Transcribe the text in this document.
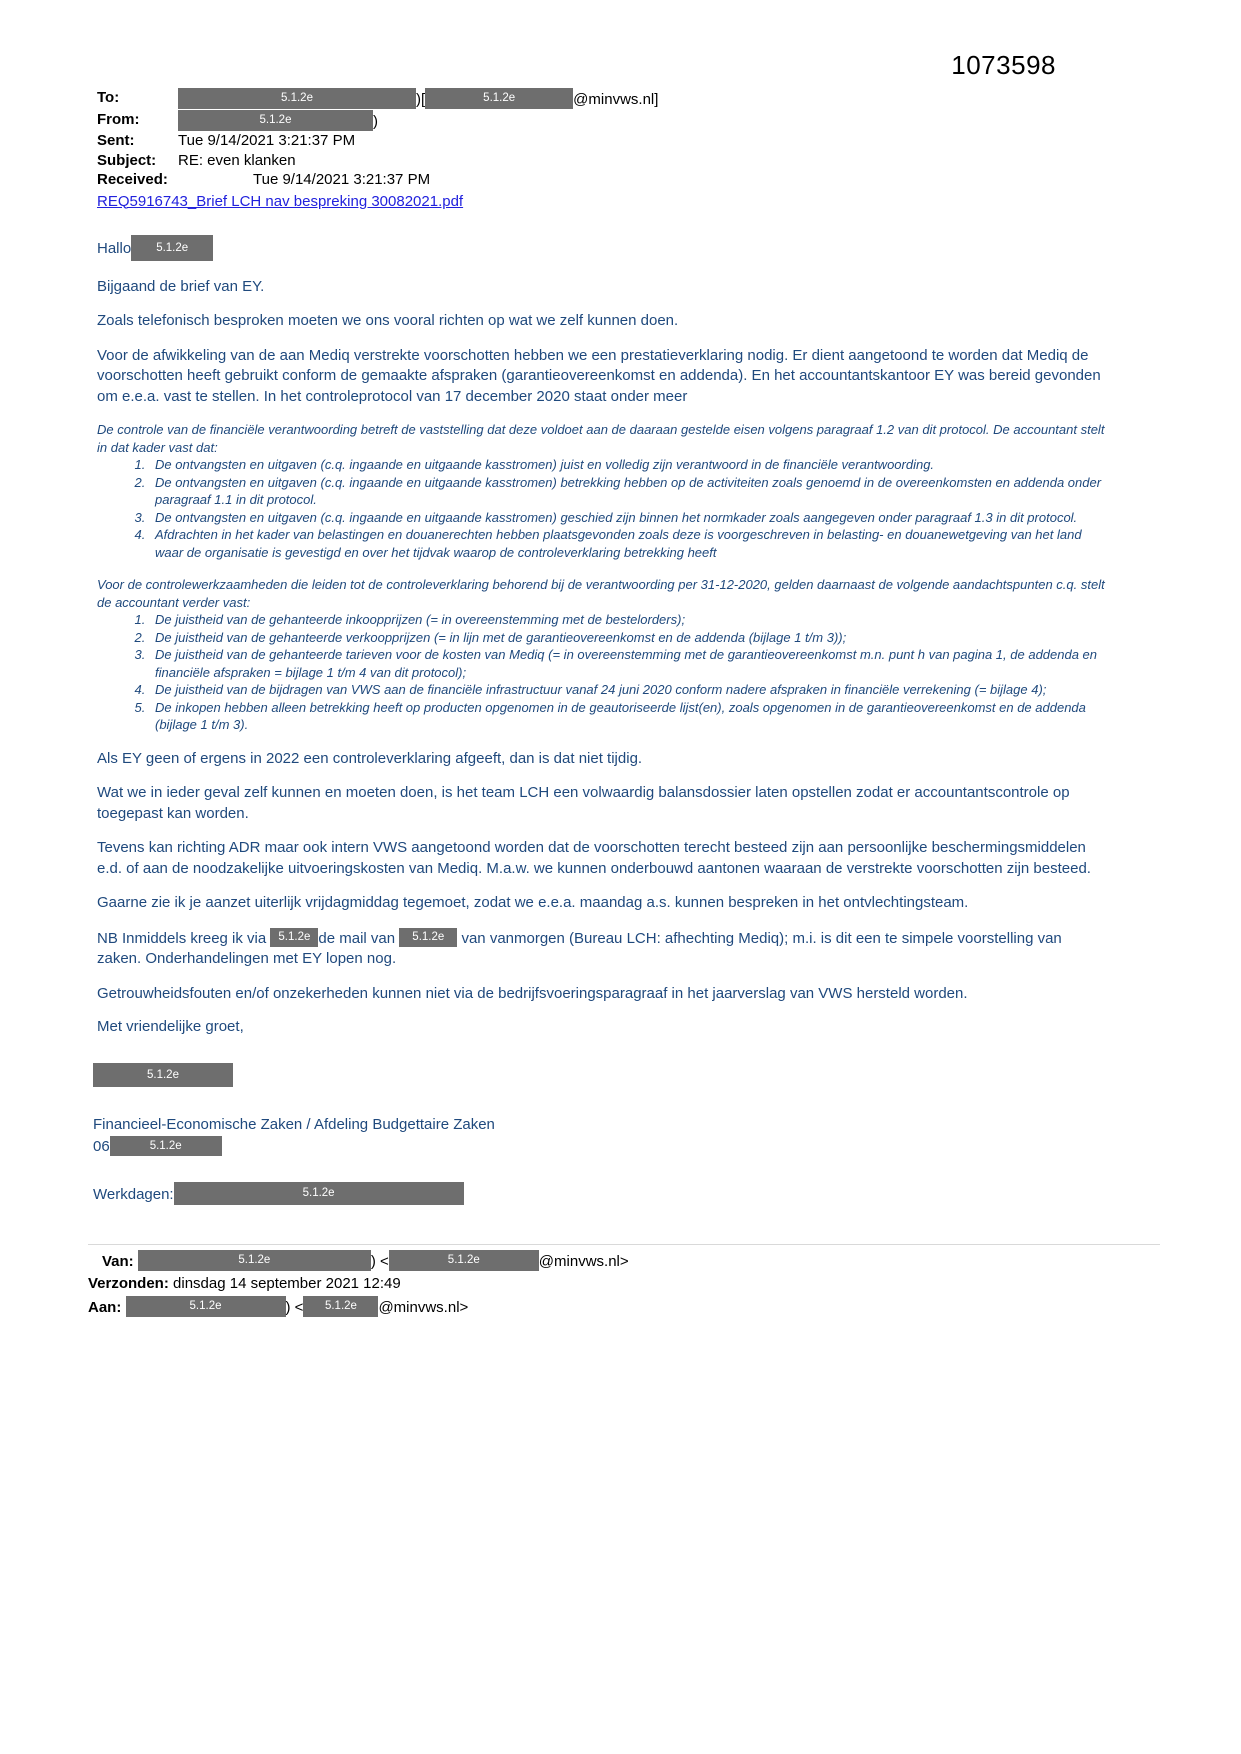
1073598
To:	5.1.2e	)[	5.1.2e	@minvws.nl]
From:	5.1.2e	)
Sent:	Tue 9/14/2021 3:21:37 PM
Subject:	RE: even klanken
Received:	Tue 9/14/2021 3:21:37 PM
REQ5916743_Brief LCH nav bespreking 30082021.pdf

Hallo 5.1.2e

Bijgaand de brief van EY.

Zoals telefonisch besproken moeten we ons vooral richten op wat we zelf kunnen doen.

Voor de afwikkeling van de aan Mediq verstrekte voorschotten hebben we een prestatieverklaring nodig. Er dient aangetoond te worden dat Mediq de voorschotten heeft gebruikt conform de gemaakte afspraken (garantieovereenkomst en addenda). En het accountantskantoor EY was bereid gevonden om e.e.a. vast te stellen. In het controleprotocol van 17 december 2020 staat onder meer

De controle van de financiële verantwoording betreft de vaststelling dat deze voldoet aan de daaraan gestelde eisen volgens paragraaf 1.2 van dit protocol. De accountant stelt in dat kader vast dat:

1. De ontvangsten en uitgaven (c.q. ingaande en uitgaande kasstromen) juist en volledig zijn verantwoord in de financiële verantwoording.
2. De ontvangsten en uitgaven (c.q. ingaande en uitgaande kasstromen) betrekking hebben op de activiteiten zoals genoemd in de overeenkomsten en addenda onder paragraaf 1.1 in dit protocol.
3. De ontvangsten en uitgaven (c.q. ingaande en uitgaande kasstromen) geschied zijn binnen het normkader zoals aangegeven onder paragraaf 1.3 in dit protocol.
4. Afdrachten in het kader van belastingen en douanerechten hebben plaatsgevonden zoals deze is voorgeschreven in belasting- en douanewetgeving van het land waar de organisatie is gevestigd en over het tijdvak waarop de controleverklaring betrekking heeft

Voor de controlewerkzaamheden die leiden tot de controleverklaring behorend bij de verantwoording per 31-12-2020, gelden daarnaast de volgende aandachtspunten c.q. stelt de accountant verder vast:

1. De juistheid van de gehanteerde inkoopprijzen (= in overeenstemming met de bestelorders);
2. De juistheid van de gehanteerde verkoopprijzen (= in lijn met de garantieovereenkomst en de addenda (bijlage 1 t/m 3));
3. De juistheid van de gehanteerde tarieven voor de kosten van Mediq (= in overeenstemming met de garantieovereenkomst m.n. punt h van pagina 1, de addenda en financiële afspraken = bijlage 1 t/m 4 van dit protocol);
4. De juistheid van de bijdragen van VWS aan de financiële infrastructuur vanaf 24 juni 2020 conform nadere afspraken in financiële verrekening (= bijlage 4);
5. De inkopen hebben alleen betrekking heeft op producten opgenomen in de geautoriseerde lijst(en), zoals opgenomen in de garantieovereenkomst en de addenda (bijlage 1 t/m 3).

Als EY geen of ergens in 2022 een controleverklaring afgeeft, dan is dat niet tijdig.

Wat we in ieder geval zelf kunnen en moeten doen, is het team LCH een volwaardig balansdossier laten opstellen zodat er accountantscontrole op toegepast kan worden.

Tevens kan richting ADR maar ook intern VWS aangetoond worden dat de voorschotten terecht besteed zijn aan persoonlijke beschermingsmiddelen e.d. of aan de noodzakelijke uitvoeringskosten van Mediq. M.a.w. we kunnen onderbouwd aantonen waaraan de verstrekte voorschotten zijn besteed.

Gaarne zie ik je aanzet uiterlijk vrijdagmiddag tegemoet, zodat we e.e.a. maandag a.s. kunnen bespreken in het ontvlechtingsteam.

NB Inmiddels kreeg ik via 5.1.2e de mail van 5.1.2e van vanmorgen (Bureau LCH: afhechting Mediq); m.i. is dit een te simpele voorstelling van zaken. Onderhandelingen met EY lopen nog.

Getrouwheidsfouten en/of onzekerheden kunnen niet via de bedrijfsvoeringsparagraaf in het jaarverslag van VWS hersteld worden.

Met vriendelijke groet,

5.1.2e
Financieel-Economische Zaken / Afdeling Budgettaire Zaken
06	5.1.2e
Werkdagen:	5.1.2e
Van:	5.1.2e	) <	5.1.2e	@minvws.nl>
Verzonden: dinsdag 14 september 2021 12:49
Aan:	5.1.2e	) < 5.1.2e @minvws.nl>
